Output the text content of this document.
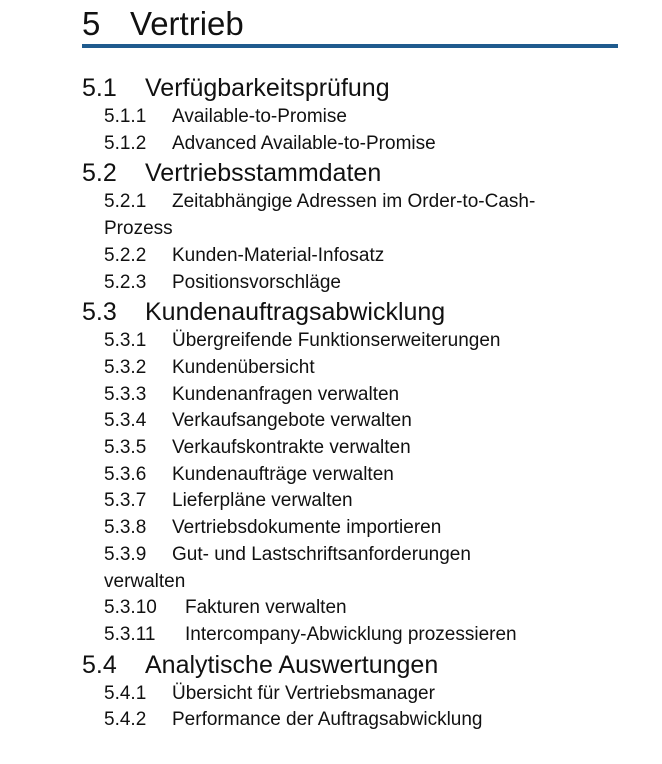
5 Vertrieb
5.1 Verfügbarkeitsprüfung
5.1.1 Available-to-Promise
5.1.2 Advanced Available-to-Promise
5.2 Vertriebsstammdaten
5.2.1 Zeitabhängige Adressen im Order-to-Cash-
Prozess
5.2.2 Kunden-Material-Infosatz
5.2.3 Positionsvorschläge
5.3 Kundenauftragsabwicklung
5.3.1 Übergreifende Funktionserweiterungen
5.3.2 Kundenübersicht
5.3.3 Kundenanfragen verwalten
5.3.4 Verkaufsangebote verwalten
5.3.5 Verkaufskontrakte verwalten
5.3.6 Kundenaufträge verwalten
5.3.7 Lieferpläne verwalten
5.3.8 Vertriebsdokumente importieren
5.3.9 Gut- und Lastschriftsanforderungen
verwalten
5.3.10 Fakturen verwalten
5.3.11 Intercompany-Abwicklung prozessieren
5.4 Analytische Auswertungen
5.4.1 Übersicht für Vertriebsmanager
5.4.2 Performance der Auftragsabwicklung
